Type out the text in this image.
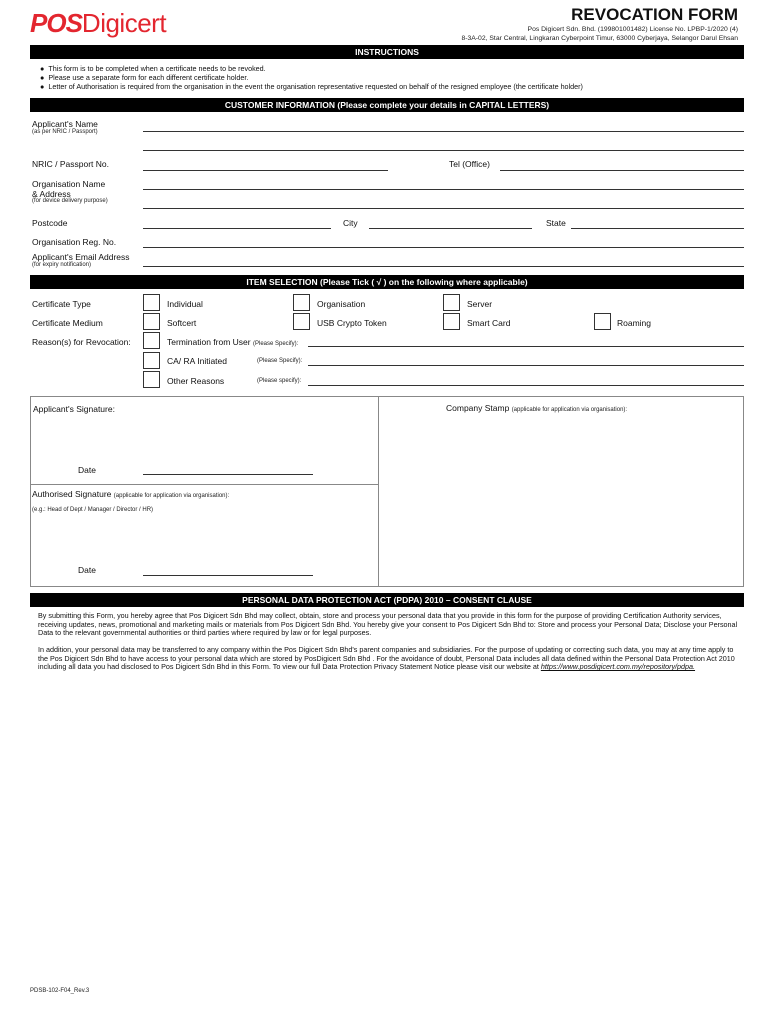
POSDigicert	REVOCATION FORM
Pos Digicert Sdn. Bhd. (199801001482) License No. LPBP-1/2020 (4)
8-3A-02, Star Central, Lingkaran Cyberpoint Timur, 63000 Cyberjaya, Selangor Darul Ehsan
INSTRUCTIONS
●  This form is to be completed when a certificate needs to be revoked.
●  Please use a separate form for each different certificate holder.
●  Letter of Authorisation is required from the organisation in the event the organisation representative requested on behalf of the resigned employee (the certificate holder)
CUSTOMER INFORMATION (Please complete your details in CAPITAL LETTERS)
Applicant's Name
(as per NRIC / Passport)
NRIC / Passport No.	Tel (Office)
Organisation Name
& Address
(for device delivery purpose)
Postcode	City	State
Organisation Reg. No.
Applicant's Email Address
(for expiry notification)
ITEM SELECTION (Please Tick ( √ ) on the following where applicable)
Certificate Type	Individual	Organisation	Server
Certificate Medium	Softcert	USB Crypto Token	Smart Card	Roaming
Reason(s) for Revocation:	Termination from User (Please Specify):
CA/ RA Initiated	(Please Specify):
Other Reasons	(Please specify):
Applicant's Signature:	Company Stamp (applicable for application via organisation):
Date
Authorised Signature (applicable for application via organisation):
(e.g.: Head of Dept / Manager / Director / HR)
Date
PERSONAL DATA PROTECTION ACT (PDPA) 2010 – CONSENT CLAUSE
By submitting this Form, you hereby agree that Pos Digicert Sdn Bhd may collect, obtain, store and process your personal data that you provide in this form for the purpose of providing Certification Authority services, receiving updates, news, promotional and marketing mails or materials from Pos Digicert Sdn Bhd. You hereby give your consent to Pos Digicert Sdn Bhd to: Store and process your Personal Data; Disclose your Personal Data to the relevant governmental authorities or third parties where required by law or for legal purposes.
In addition, your personal data may be transferred to any company within the Pos Digicert Sdn Bhd's parent companies and subsidiaries. For the purpose of updating or correcting such data, you may at any time apply to the Pos Digicert Sdn Bhd to have access to your personal data which are stored by PosDigicert Sdn Bhd . For the avoidance of doubt, Personal Data includes all data defined within the Personal Data Protection Act 2010 including all data you had disclosed to Pos Digicert Sdn Bhd in this Form. To view our full Data Protection Privacy Statement Notice please visit our website at https://www.posdigicert.com.my/repository/pdpa.
PDSB-102-F04_Rev.3
